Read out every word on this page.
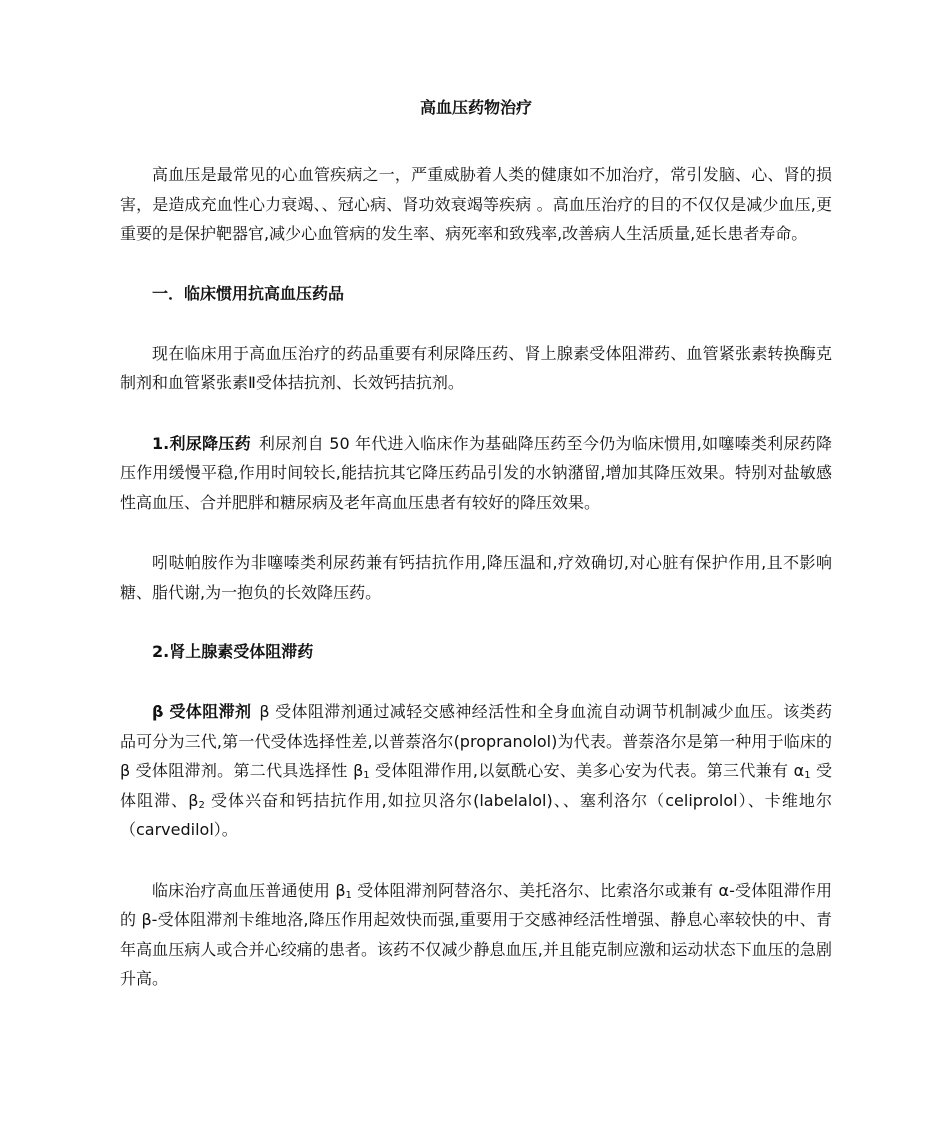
高血压药物治疗

高血压是最常见的心血管疾病之一，严重威胁着人类的健康如不加治疗，常引发脑、心、肾的损害，是造成充血性心力衰竭、、冠心病、肾功效衰竭等疾病 。高血压治疗的目的不仅仅是减少血压,更重要的是保护靶器官,减少心血管病的发生率、病死率和致残率,改善病人生活质量,延长患者寿命。

一．临床惯用抗高血压药品

现在临床用于高血压治疗的药品重要有利尿降压药、肾上腺素受体阻滞药、血管紧张素转换酶克制剂和血管紧张素Ⅱ受体拮抗剂、长效钙拮抗剂。

1.利尿降压药 利尿剂自 50 年代进入临床作为基础降压药至今仍为临床惯用,如噻嗪类利尿药降压作用缓慢平稳,作用时间较长,能拮抗其它降压药品引发的水钠潴留,增加其降压效果。特别对盐敏感性高血压、合并肥胖和糖尿病及老年高血压患者有较好的降压效果。

吲哒帕胺作为非噻嗪类利尿药兼有钙拮抗作用,降压温和,疗效确切,对心脏有保护作用,且不影响糖、脂代谢,为一抱负的长效降压药。

2.肾上腺素受体阻滞药

β 受体阻滞剂 β 受体阻滞剂通过减轻交感神经活性和全身血流自动调节机制减少血压。该类药品可分为三代,第一代受体选择性差,以普萘洛尔(propranolol)为代表。普萘洛尔是第一种用于临床的 β 受体阻滞剂。第二代具选择性 $\beta_1$ 受体阻滞作用,以氨酰心安、美多心安为代表。第三代兼有 $\alpha_1$ 受体阻滞、$\beta_2$ 受体兴奋和钙拮抗作用,如拉贝洛尔(labelalol)、、塞利洛尔（celiprolol）、卡维地尔（carvedilol）。

临床治疗高血压普通使用 $\beta_1$ 受体阻滞剂阿替洛尔、美托洛尔、比索洛尔或兼有 α-受体阻滞作用的 β-受体阻滞剂卡维地洛,降压作用起效快而强,重要用于交感神经活性增强、静息心率较快的中、青年高血压病人或合并心绞痛的患者。该药不仅减少静息血压,并且能克制应激和运动状态下血压的急剧升高。
